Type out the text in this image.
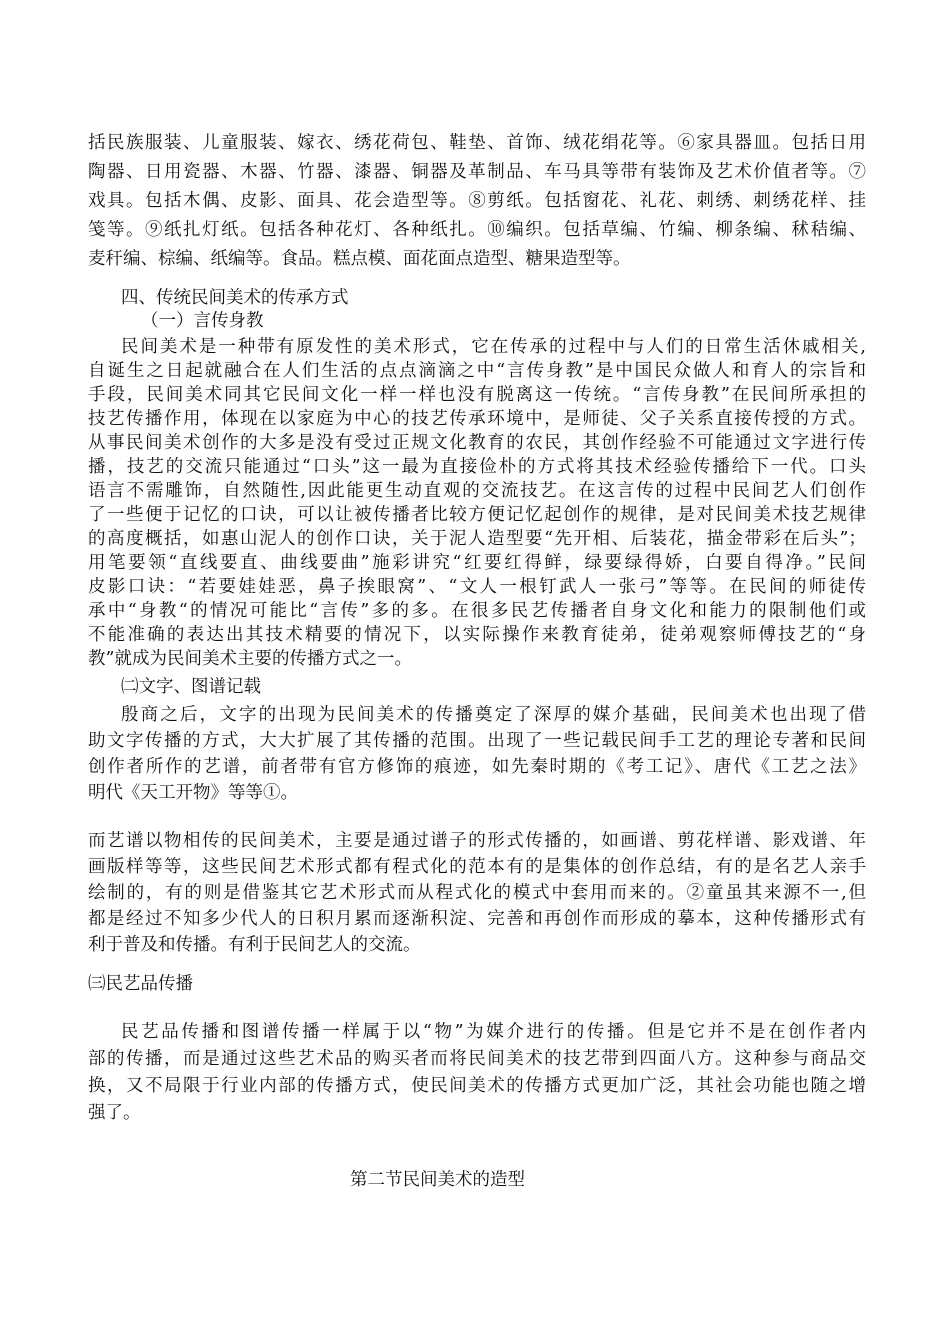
括民族服装、儿童服装、嫁衣、绣花荷包、鞋垫、首饰、绒花绢花等。⑥家具器皿。包括日用
陶器、日用瓷器、木器、竹器、漆器、铜器及革制品、车马具等带有装饰及艺术价值者等。⑦
戏具。包括木偶、皮影、面具、花会造型等。⑧剪纸。包括窗花、礼花、刺绣、刺绣花样、挂
笺等。⑨纸扎灯纸。包括各种花灯、各种纸扎。⑩编织。包括草编、竹编、柳条编、秫秸编、
麦秆编、棕编、纸编等。食品。糕点模、面花面点造型、糖果造型等。
四、传统民间美术的传承方式
（一）言传身教
民间美术是一种带有原发性的美术形式，它在传承的过程中与人们的日常生活休戚相关,
自诞生之日起就融合在人们生活的点点滴滴之中“言传身教”是中国民众做人和育人的宗旨和
手段，民间美术同其它民间文化一样一样也没有脱离这一传统。“言传身教”在民间所承担的
技艺传播作用，体现在以家庭为中心的技艺传承环境中，是师徒、父子关系直接传授的方式。
从事民间美术创作的大多是没有受过正规文化教育的农民，其创作经验不可能通过文字进行传
播，技艺的交流只能通过“口头”这一最为直接俭朴的方式将其技术经验传播给下一代。口头
语言不需雕饰，自然随性,因此能更生动直观的交流技艺。在这言传的过程中民间艺人们创作
了一些便于记忆的口诀，可以让被传播者比较方便记忆起创作的规律，是对民间美术技艺规律
的高度概括，如惠山泥人的创作口诀，关于泥人造型要“先开相、后装花，描金带彩在后头”；
用笔要领“直线要直、曲线要曲”施彩讲究“红要红得鲜，绿要绿得娇，白要自得净。”民间
皮影口诀：“若要娃娃恶，鼻子挨眼窝”、“文人一根钉武人一张弓”等等。在民间的师徒传
承中“身教“的情况可能比“言传”多的多。在很多民艺传播者自身文化和能力的限制他们或
不能准确的表达出其技术精要的情况下，以实际操作来教育徒弟，徒弟观察师傅技艺的“身
教”就成为民间美术主要的传播方式之一。
㈡文字、图谱记载
殷商之后，文字的出现为民间美术的传播奠定了深厚的媒介基础，民间美术也出现了借
助文字传播的方式，大大扩展了其传播的范围。出现了一些记载民间手工艺的理论专著和民间
创作者所作的艺谱，前者带有官方修饰的痕迹，如先秦时期的《考工记》、唐代《工艺之法》
明代《天工开物》等等①。
而艺谱以物相传的民间美术，主要是通过谱子的形式传播的，如画谱、剪花样谱、影戏谱、年
画版样等等，这些民间艺术形式都有程式化的范本有的是集体的创作总结，有的是名艺人亲手
绘制的，有的则是借鉴其它艺术形式而从程式化的模式中套用而来的。②童虽其来源不一,但
都是经过不知多少代人的日积月累而逐渐积淀、完善和再创作而形成的摹本，这种传播形式有
利于普及和传播。有利于民间艺人的交流。
㈢民艺品传播
民艺品传播和图谱传播一样属于以“物”为媒介进行的传播。但是它并不是在创作者内
部的传播，而是通过这些艺术品的购买者而将民间美术的技艺带到四面八方。这种参与商品交
换，又不局限于行业内部的传播方式，使民间美术的传播方式更加广泛，其社会功能也随之增
强了。
第二节民间美术的造型
